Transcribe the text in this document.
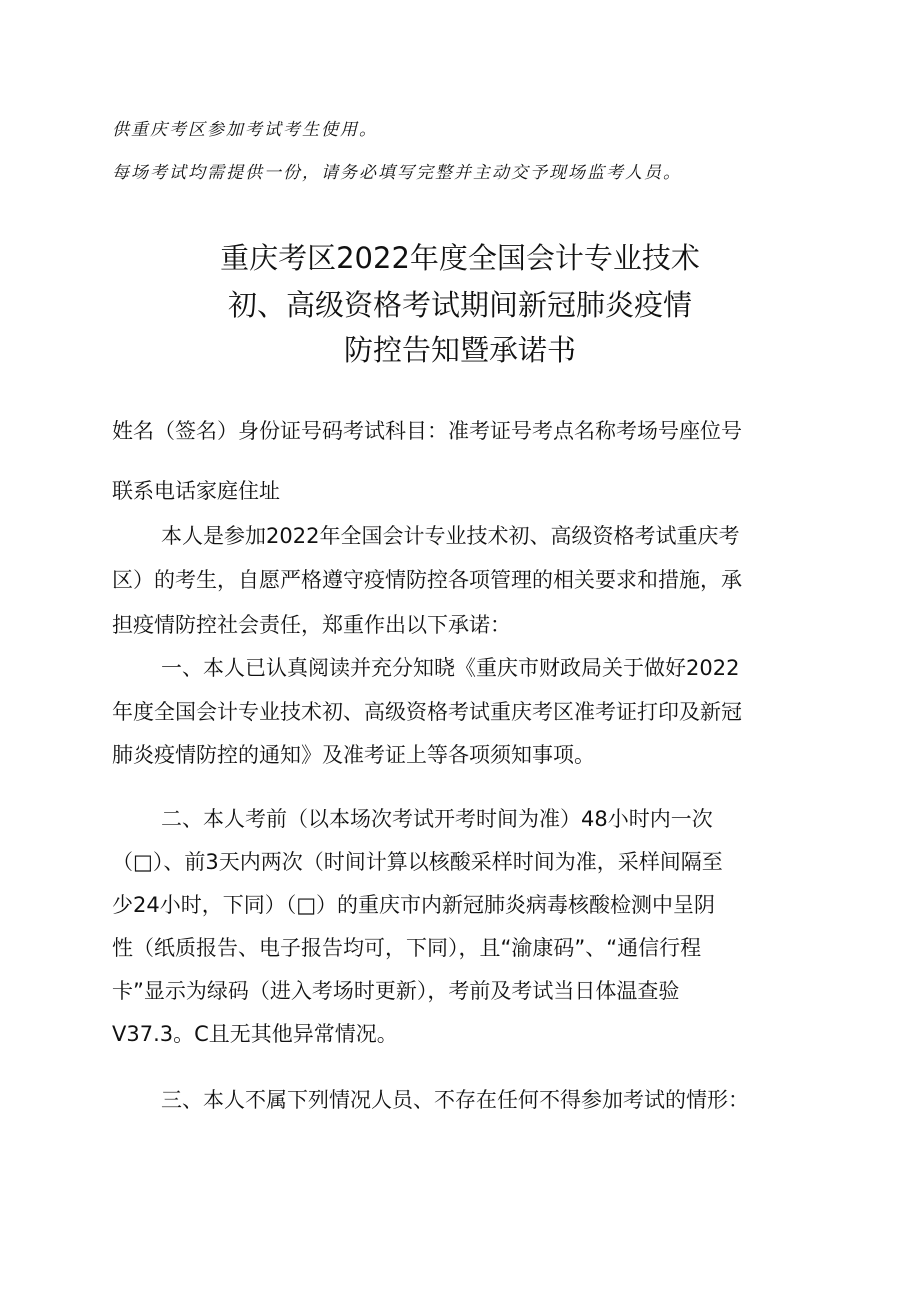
供重庆考区参加考试考生使用。
每场考试均需提供一份，请务必填写完整并主动交予现场监考人员。
重庆考区2022年度全国会计专业技术
初、高级资格考试期间新冠肺炎疫情
防控告知暨承诺书
姓名（签名）身份证号码考试科目：准考证号考点名称考场号座位号
联系电话家庭住址
本人是参加2022年全国会计专业技术初、高级资格考试重庆考
区）的考生，自愿严格遵守疫情防控各项管理的相关要求和措施，承
担疫情防控社会责任，郑重作出以下承诺：
一、本人已认真阅读并充分知晓《重庆市财政局关于做好2022
年度全国会计专业技术初、高级资格考试重庆考区准考证打印及新冠
肺炎疫情防控的通知》及准考证上等各项须知事项。
二、本人考前（以本场次考试开考时间为准）48小时内一次
（□）、前3天内两次（时间计算以核酸采样时间为准，采样间隔至
少24小时，下同）（□）的重庆市内新冠肺炎病毒核酸检测中呈阴
性（纸质报告、电子报告均可，下同），且“渝康码”、“通信行程
卡”显示为绿码（进入考场时更新），考前及考试当日体温查验
V37.3。C且无其他异常情况。
三、本人不属下列情况人员、不存在任何不得参加考试的情形：
